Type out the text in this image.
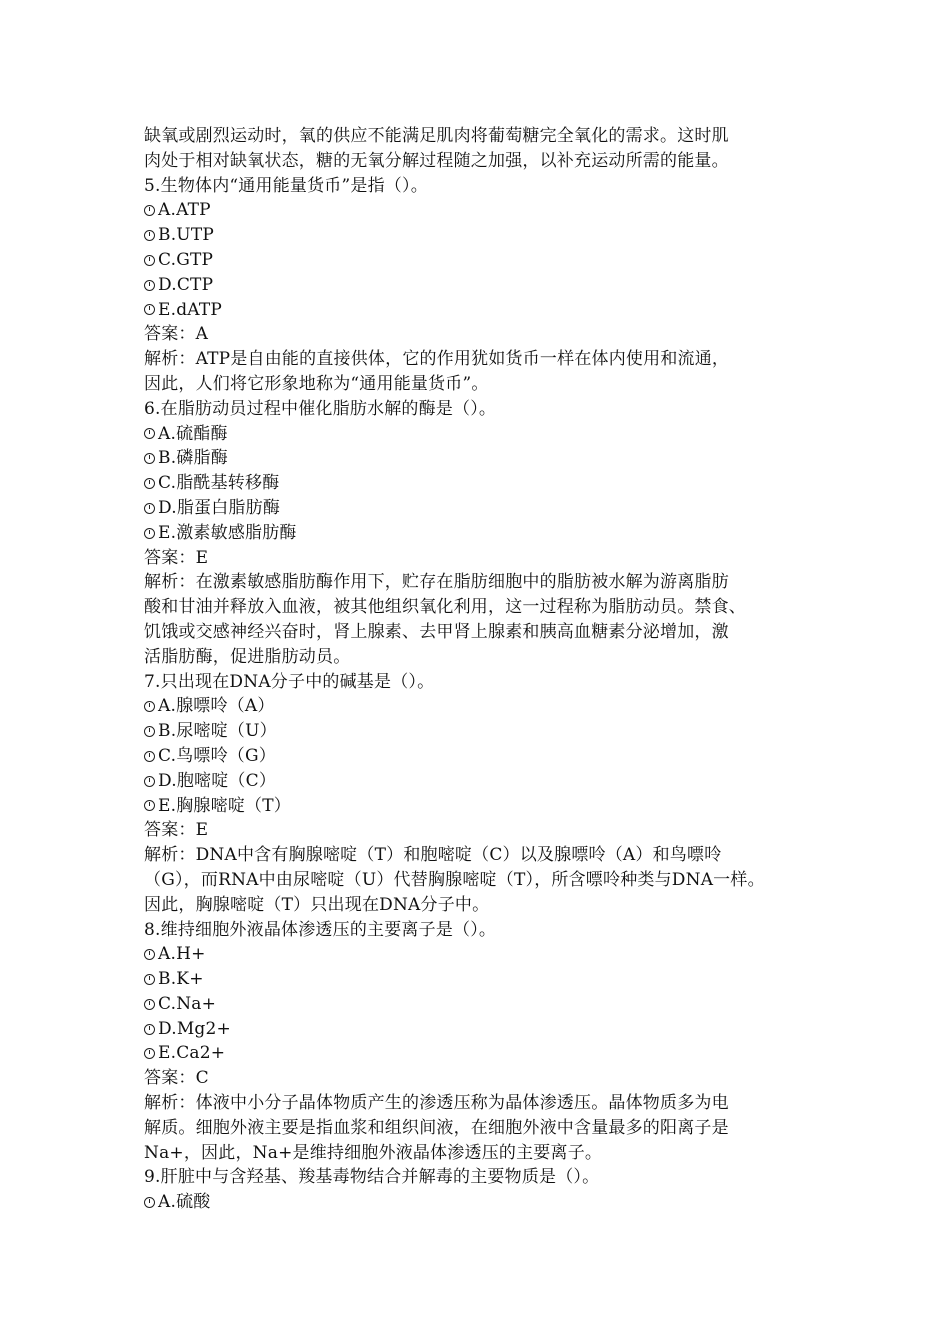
缺氧或剧烈运动时，氧的供应不能满足肌肉将葡萄糖完全氧化的需求。这时肌
肉处于相对缺氧状态，糖的无氧分解过程随之加强，以补充运动所需的能量。
5.生物体内“通用能量货币”是指（）。
A.ATP
B.UTP
C.GTP
D.CTP
E.dATP
答案：A
解析：ATP是自由能的直接供体，它的作用犹如货币一样在体内使用和流通，
因此，人们将它形象地称为“通用能量货币”。
6.在脂肪动员过程中催化脂肪水解的酶是（）。
A.硫酯酶
B.磷脂酶
C.脂酰基转移酶
D.脂蛋白脂肪酶
E.激素敏感脂肪酶
答案：E
解析：在激素敏感脂肪酶作用下，贮存在脂肪细胞中的脂肪被水解为游离脂肪
酸和甘油并释放入血液，被其他组织氧化利用，这一过程称为脂肪动员。禁食、
饥饿或交感神经兴奋时，肾上腺素、去甲肾上腺素和胰高血糖素分泌增加，激
活脂肪酶，促进脂肪动员。
7.只出现在DNA分子中的碱基是（）。
A.腺嘌呤（A）
B.尿嘧啶（U）
C.鸟嘌呤（G）
D.胞嘧啶（C）
E.胸腺嘧啶（T）
答案：E
解析：DNA中含有胸腺嘧啶（T）和胞嘧啶（C）以及腺嘌呤（A）和鸟嘌呤
（G），而RNA中由尿嘧啶（U）代替胸腺嘧啶（T），所含嘌呤种类与DNA一样。
因此，胸腺嘧啶（T）只出现在DNA分子中。
8.维持细胞外液晶体渗透压的主要离子是（）。
A.H+
B.K+
C.Na+
D.Mg2+
E.Ca2+
答案：C
解析：体液中小分子晶体物质产生的渗透压称为晶体渗透压。晶体物质多为电
解质。细胞外液主要是指血浆和组织间液，在细胞外液中含量最多的阳离子是
Na+，因此，Na+是维持细胞外液晶体渗透压的主要离子。
9.肝脏中与含羟基、羧基毒物结合并解毒的主要物质是（）。
A.硫酸
